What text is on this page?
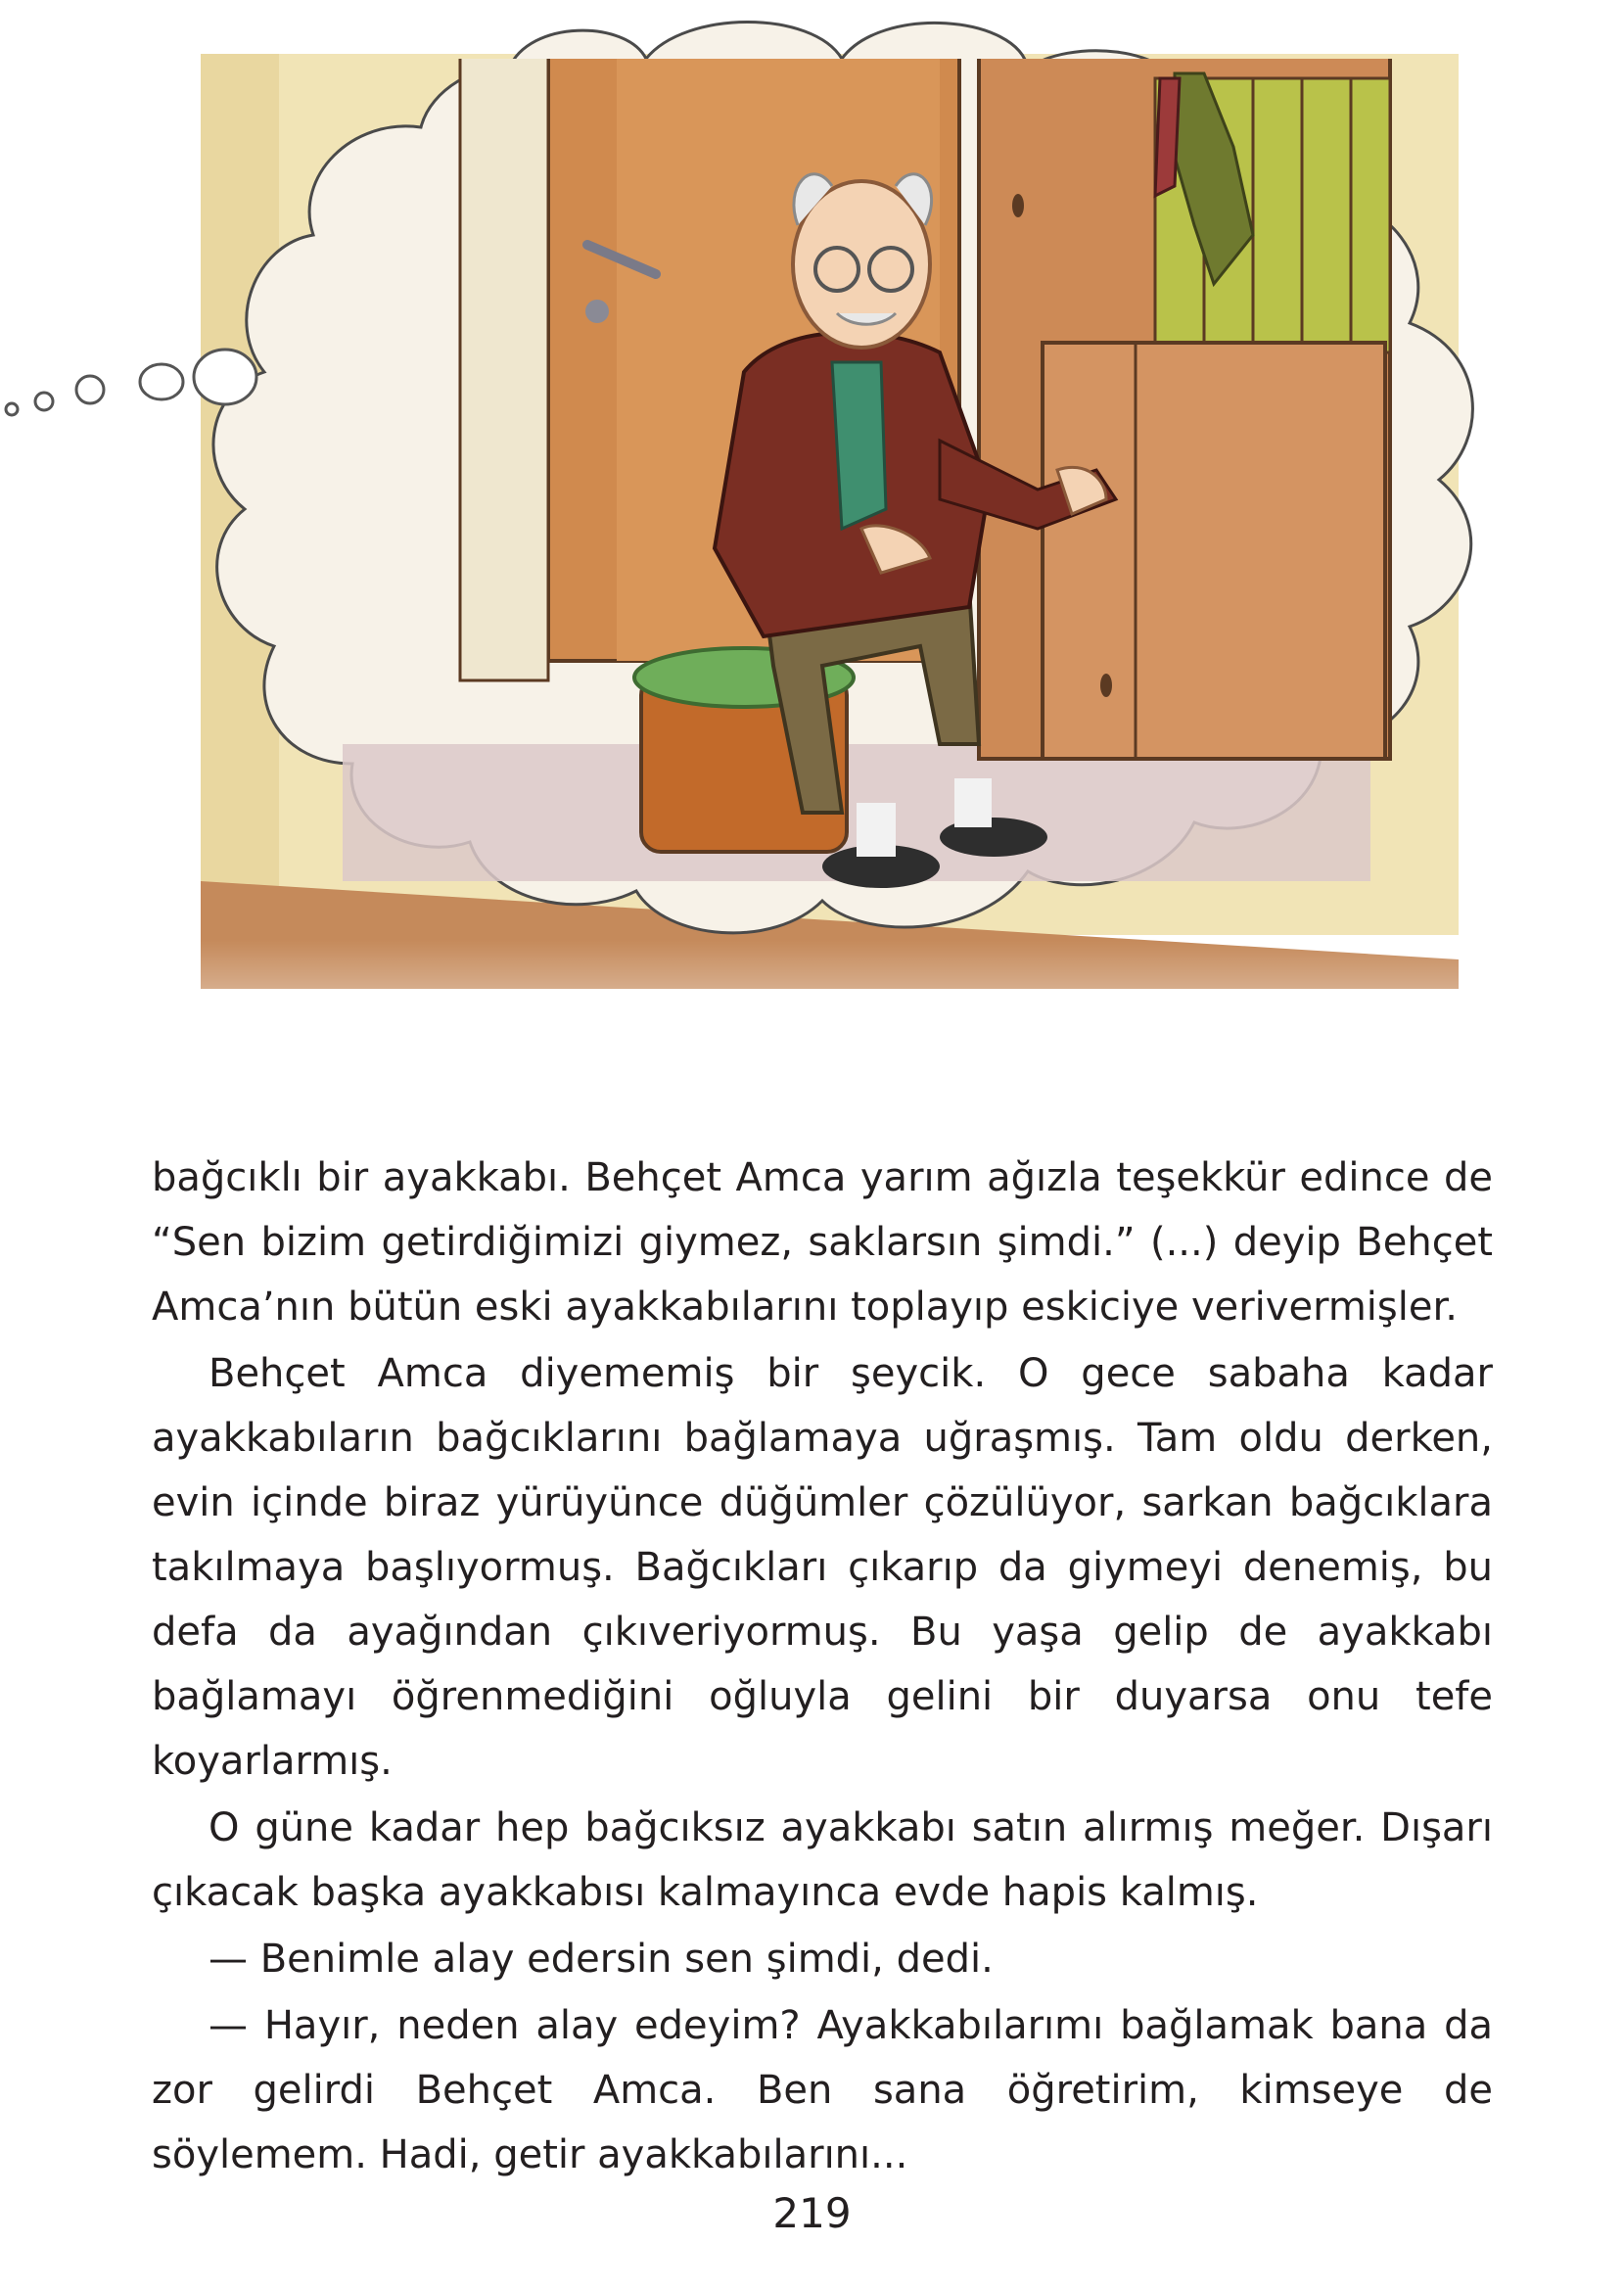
bağcıklı bir ayakkabı. Behçet Amca yarım ağızla teşekkür edince de “Sen bizim getirdiğimizi giymez, saklarsın şimdi.” (...) deyip Behçet Amca’nın bütün eski ayakkabılarını toplayıp eskiciye verivermişler.

Behçet Amca diyememiş bir şeycik. O gece sabaha kadar ayakkabıların bağcıklarını bağlamaya uğraşmış. Tam oldu derken, evin içinde biraz yürüyünce düğümler çözülüyor, sarkan bağcıklara takılmaya başlıyormuş. Bağcıkları çıkarıp da giymeyi denemiş, bu defa da ayağından çıkıveriyormuş. Bu yaşa gelip de ayakkabı bağlamayı öğrenmediğini oğluyla gelini bir duyarsa onu tefe koyarlarmış.

O güne kadar hep bağcıksız ayakkabı satın alırmış meğer. Dışarı çıkacak başka ayakkabısı kalmayınca evde hapis kalmış.

— Benimle alay edersin sen şimdi, dedi.

— Hayır, neden alay edeyim? Ayakkabılarımı bağlamak bana da zor gelirdi Behçet Amca. Ben sana öğretirim, kimseye de söylemem. Hadi, getir ayakkabılarını...

219
